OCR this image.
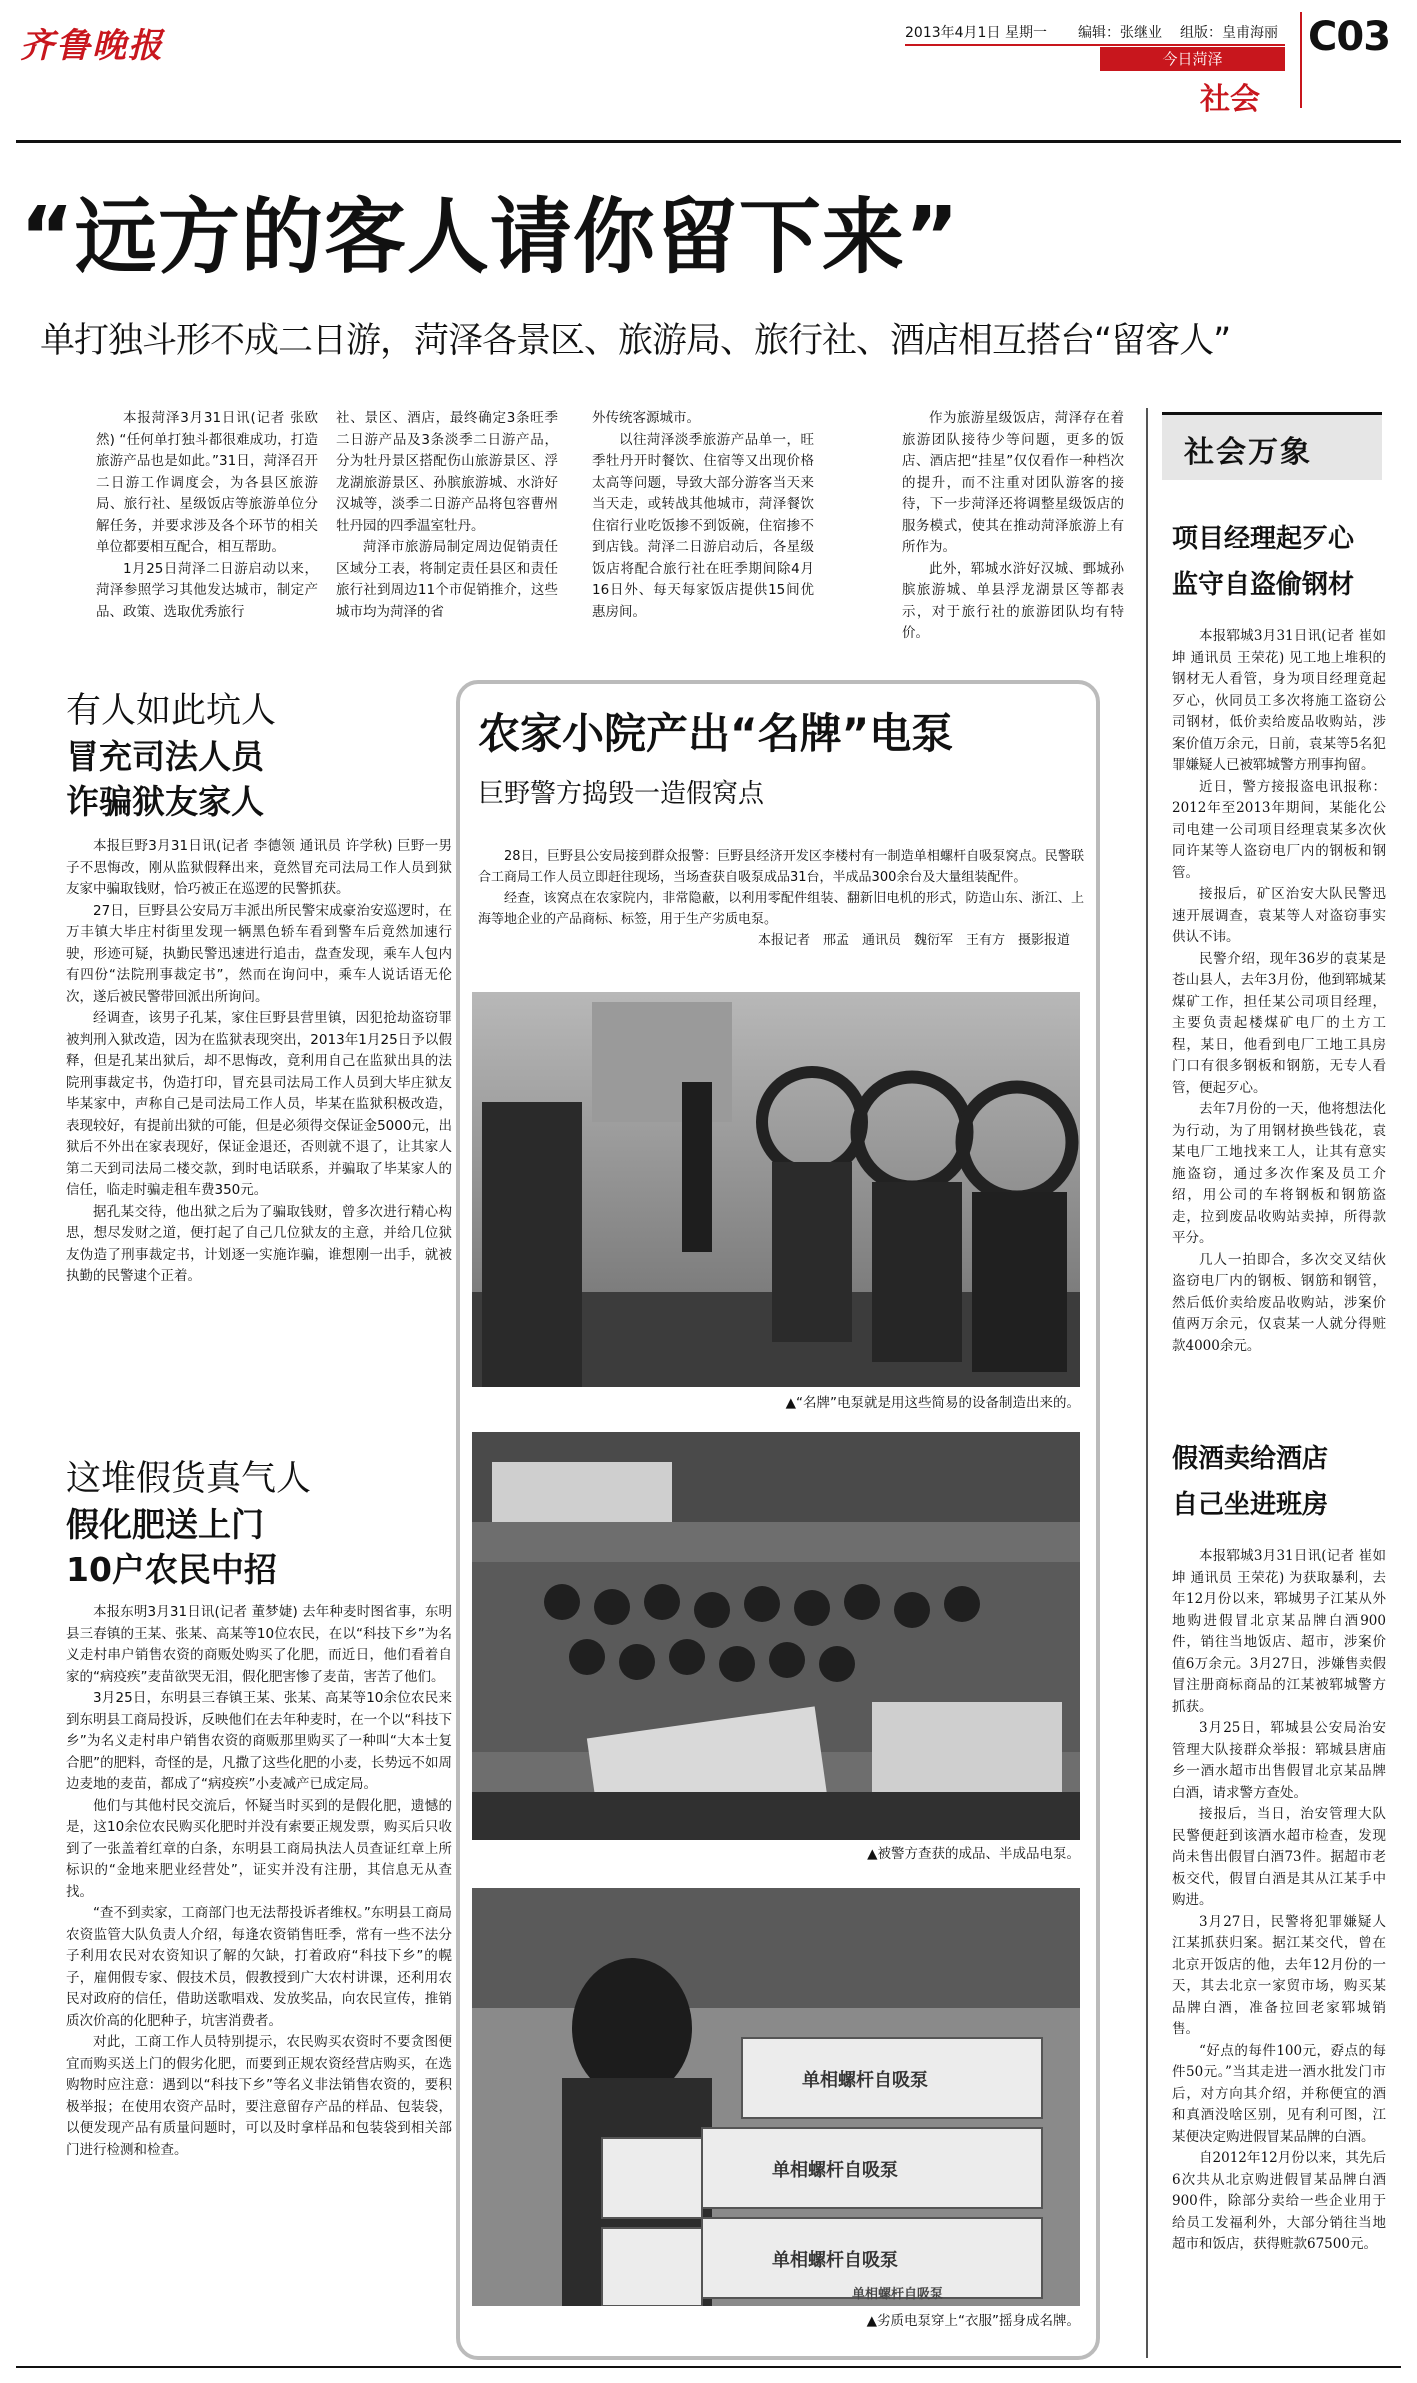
齐鲁晚报	2013年4月1日 星期一 编辑：张继业 组版：皇甫海丽
今日菏泽
社会
C03
“远方的客人请你留下来”
单打独斗形不成二日游，菏泽各景区、旅游局、旅行社、酒店相互搭台“留客人”

本报菏泽3月31日讯(记者 张欧然) “任何单打独斗都很难成功，打造旅游产品也是如此。”31日，菏泽召开二日游工作调度会，为各县区旅游局、旅行社、星级饭店等旅游单位分解任务，并要求涉及各个环节的相关单位都要相互配合，相互帮助。

1月25日菏泽二日游启动以来，菏泽参照学习其他发达城市，制定产品、政策、选取优秀旅行

社、景区、酒店，最终确定3条旺季二日游产品及3条淡季二日游产品，分为牡丹景区搭配伤山旅游景区、浮龙湖旅游景区、孙膑旅游城、水浒好汉城等，淡季二日游产品将包容曹州牡丹园的四季温室牡丹。

菏泽市旅游局制定周边促销责任区域分工表，将制定责任县区和责任旅行社到周边11个市促销推介，这些城市均为菏泽的省

外传统客源城市。

以往菏泽淡季旅游产品单一，旺季牡丹开时餐饮、住宿等又出现价格太高等问题，导致大部分游客当天来当天走，或转战其他城市，菏泽餐饮住宿行业吃饭掺不到饭碗，住宿掺不到店钱。菏泽二日游启动后，各星级饭店将配合旅行社在旺季期间除4月16日外、每天每家饭店提供15间优惠房间。

作为旅游星级饭店，菏泽存在着旅游团队接待少等问题，更多的饭店、酒店把“挂星”仅仅看作一种档次的提升，而不注重对团队游客的接待，下一步菏泽还将调整星级饭店的服务模式，使其在推动菏泽旅游上有所作为。

此外，郓城水浒好汉城、鄄城孙膑旅游城、单县浮龙湖景区等都表示，对于旅行社的旅游团队均有特价。

有人如此坑人
冒充司法人员
诈骗狱友家人

本报巨野3月31日讯(记者 李德领 通讯员 许学秋) 巨野一男子不思悔改，刚从监狱假释出来，竟然冒充司法局工作人员到狱友家中骗取钱财，恰巧被正在巡逻的民警抓获。

27日，巨野县公安局万丰派出所民警宋成豪治安巡逻时，在万丰镇大毕庄村街里发现一辆黑色轿车看到警车后竟然加速行驶，形迹可疑，执勤民警迅速进行追击，盘查发现，乘车人包内有四份“法院刑事裁定书”，然而在询问中，乘车人说话语无伦次，遂后被民警带回派出所询问。

经调查，该男子孔某，家住巨野县营里镇，因犯抢劫盗窃罪被判刑入狱改造，因为在监狱表现突出，2013年1月25日予以假释，但是孔某出狱后，却不思悔改，竟利用自己在监狱出具的法院刑事裁定书，伪造打印，冒充县司法局工作人员到大毕庄狱友毕某家中，声称自己是司法局工作人员，毕某在监狱积极改造，表现较好，有提前出狱的可能，但是必须得交保证金5000元，出狱后不外出在家表现好，保证金退还，否则就不退了，让其家人第二天到司法局二楼交款，到时电话联系，并骗取了毕某家人的信任，临走时骗走租车费350元。

据孔某交待，他出狱之后为了骗取钱财，曾多次进行精心构思，想尽发财之道，便打起了自己几位狱友的主意，并给几位狱友伪造了刑事裁定书，计划逐一实施诈骗，谁想刚一出手，就被执勤的民警逮个正着。

这堆假货真气人
假化肥送上门
10户农民中招

本报东明3月31日讯(记者 董梦婕) 去年种麦时图省事，东明县三春镇的王某、张某、高某等10位农民，在以“科技下乡”为名义走村串户销售农资的商贩处购买了化肥，而近日，他们看着自家的“病疫疾”麦苗欲哭无泪，假化肥害惨了麦苗，害苦了他们。

3月25日，东明县三春镇王某、张某、高某等10余位农民来到东明县工商局投诉，反映他们在去年种麦时，在一个以“科技下乡”为名义走村串户销售农资的商贩那里购买了一种叫“大本士复合肥”的肥料，奇怪的是，凡撒了这些化肥的小麦，长势远不如周边麦地的麦苗，都成了“病疫疾”小麦减产已成定局。

他们与其他村民交流后，怀疑当时买到的是假化肥，遗憾的是，这10余位农民购买化肥时并没有索要正规发票，购买后只收到了一张盖着红章的白条，东明县工商局执法人员查证红章上所标识的“金地来肥业经营处”，证实并没有注册，其信息无从查找。

“查不到卖家，工商部门也无法帮投诉者维权。”东明县工商局农资监管大队负责人介绍，每逢农资销售旺季，常有一些不法分子利用农民对农资知识了解的欠缺，打着政府“科技下乡”的幌子，雇佣假专家、假技术员，假教授到广大农村讲课，还利用农民对政府的信任，借助送歌唱戏、发放奖品，向农民宣传，推销质次价高的化肥种子，坑害消费者。

对此，工商工作人员特别提示，农民购买农资时不要贪图便宜而购买送上门的假劣化肥，而要到正规农资经营店购买，在选购物时应注意：遇到以“科技下乡”等名义非法销售农资的，要积极举报；在使用农资产品时，要注意留存产品的样品、包装袋，以便发现产品有质量问题时，可以及时拿样品和包装袋到相关部门进行检测和检查。

农家小院产出“名牌”电泵
巨野警方捣毁一造假窝点

28日，巨野县公安局接到群众报警：巨野县经济开发区李楼村有一制造单相螺杆自吸泵窝点。民警联合工商局工作人员立即赶往现场，当场查获自吸泵成品31台，半成品300余台及大量组装配件。

经查，该窝点在农家院内，非常隐蔽，以利用零配件组装、翻新旧电机的形式，防造山东、浙江、上海等地企业的产品商标、标签，用于生产劣质电泵。

本报记者　邢孟　通讯员　魏衍军　王有方　摄影报道

▲“名牌”电泵就是用这些简易的设备制造出来的。
▲被警方查获的成品、半成品电泵。
单相螺杆自吸泵
单相螺杆自吸泵
单相螺杆自吸泵
单相螺杆自吸泵
▲劣质电泵穿上“衣服”摇身成名牌。
社会万象
项目经理起歹心
监守自盗偷钢材

本报郓城3月31日讯(记者 崔如坤 通讯员 王荣花) 见工地上堆积的钢材无人看管，身为项目经理竟起歹心，伙同员工多次将施工盗窃公司钢材，低价卖给废品收购站，涉案价值万余元，日前，袁某等5名犯罪嫌疑人已被郓城警方刑事拘留。

近日，警方接报盗电讯报称：2012年至2013年期间，某能化公司电建一公司项目经理袁某多次伙同许某等人盗窃电厂内的钢板和钢管。

接报后，矿区治安大队民警迅速开展调查，袁某等人对盗窃事实供认不讳。

民警介绍，现年36岁的袁某是苍山县人，去年3月份，他到郓城某煤矿工作，担任某公司项目经理，主要负责起楼煤矿电厂的土方工程，某日，他看到电厂工地工具房门口有很多钢板和钢筋，无专人看管，便起歹心。

去年7月份的一天，他将想法化为行动，为了用钢材换些钱花，袁某电厂工地找来工人，让其有意实施盗窃，通过多次作案及员工介绍，用公司的车将钢板和钢筋盗走，拉到废品收购站卖掉，所得款平分。

几人一拍即合，多次交叉结伙盗窃电厂内的钢板、钢筋和钢管，然后低价卖给废品收购站，涉案价值两万余元，仅袁某一人就分得赃款4000余元。

假酒卖给酒店
自己坐进班房

本报郓城3月31日讯(记者 崔如坤 通讯员 王荣花) 为获取暴利，去年12月份以来，郓城男子江某从外地购进假冒北京某品牌白酒900件，销往当地饭店、超市，涉案价值6万余元。3月27日，涉嫌售卖假冒注册商标商品的江某被郓城警方抓获。

3月25日，郓城县公安局治安管理大队接群众举报：郓城县唐庙乡一酒水超市出售假冒北京某品牌白酒，请求警方查处。

接报后，当日，治安管理大队民警便赶到该酒水超市检查，发现尚未售出假冒白酒73件。据超市老板交代，假冒白酒是其从江某手中购进。

3月27日，民警将犯罪嫌疑人江某抓获归案。据江某交代，曾在北京开饭店的他，去年12月份的一天，其去北京一家贸市场，购买某品牌白酒，准备拉回老家郓城销售。

“好点的每件100元，孬点的每件50元。”当其走进一酒水批发门市后，对方向其介绍，并称便宜的酒和真酒没啥区别，见有利可图，江某便决定购进假冒某品牌的白酒。

自2012年12月份以来，其先后6次共从北京购进假冒某品牌白酒900件，除部分卖给一些企业用于给员工发福利外，大部分销往当地超市和饭店，获得赃款67500元。
